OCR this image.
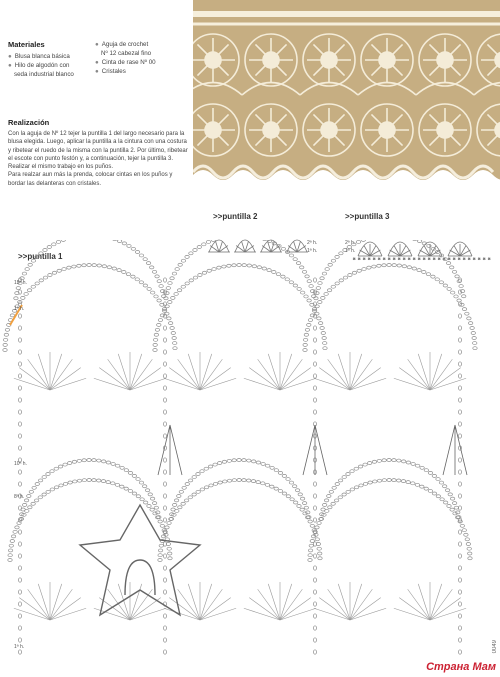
Materiales
● Blusa blanca básica
● Hilo de algodón con
seda industrial blanco
● Aguja de crochet
Nº 12 cabezal fino
● Cinta de rase Nº 00
● Cristales
Realización
Con la aguja de Nº 12 tejer la puntilla 1 del largo necesario para la blusa elegida. Luego, aplicar la puntilla a la cintura con una costura y ribetear el ruedo de la misma con la puntilla 2. Por último, ribetear el escote con punto festón y, a continuación, tejer la puntilla 3. Realizar el mismo trabajo en los puños.
Para realzar aun más la prenda, colocar cintas en los puños y bordar las delanteras con cristales.
>>puntilla 2	>>puntilla 3
>>puntilla 1	× × × × × × × × × × × × × × × × × × × × × × × × × × × ×
2ª h.
1ª h.
2ª h.
1ª h.
15ª h.
1ª h.
10ª h.
8ª h.
1ª h.	0049
Страна Мам
